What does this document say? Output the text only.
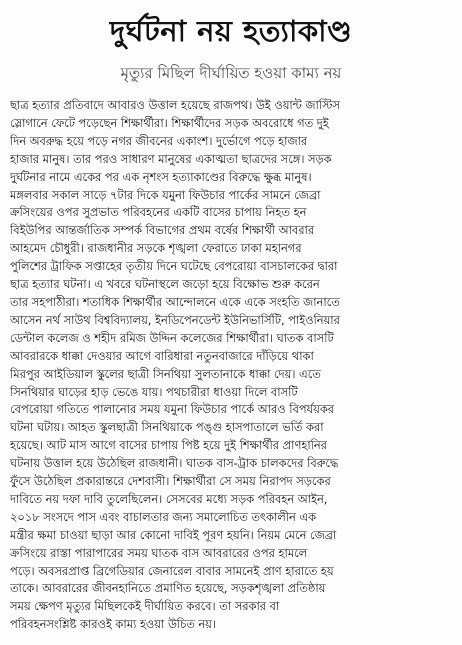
দুর্ঘটনা নয় হত্যাকাণ্ড
মৃত্যুর মিছিল দীর্ঘায়িত হওয়া কাম্য নয়
ছাত্র হত্যার প্রতিবাদে আবারও উত্তাল হয়েছে রাজপথ। উই ওয়ান্ট জাস্টিস
স্লোগানে ফেটে পড়েছেন শিক্ষার্থীরা। শিক্ষার্থীদের সড়ক অবরোধে গত দুই
দিন অবরুদ্ধ হয়ে পড়ে নগর জীবনের একাংশ। দুর্ভোগে পড়ে হাজার
হাজার মানুষ। তার পরও সাধারণ মানুষের একাত্মতা ছাত্রদের সঙ্গে। সড়ক
দুর্ঘটনার নামে একের পর এক নৃশংস হত্যাকাণ্ডের বিরুদ্ধে ক্ষুব্ধ মানুষ।
মঙ্গলবার সকাল সাড়ে ৭টার দিকে যমুনা ফিউচার পার্কের সামনে জেব্রা
ক্রসিংয়ের ওপর সুপ্রভাত পরিবহনের একটি বাসের চাপায় নিহত হন
বিইউপির আন্তর্জাতিক সম্পর্ক বিভাগের প্রথম বর্ষের শিক্ষার্থী আবরার
আহমেদ চৌধুরী। রাজধানীর সড়কে শৃঙ্খলা ফেরাতে ঢাকা মহানগর
পুলিশের ট্রাফিক সপ্তাহের তৃতীয় দিনে ঘটেছে বেপরোয়া বাসচালকের দ্বারা
ছাত্র হত্যার ঘটনা। এ খবরে ঘটনাস্থলে জড়ো হয়ে বিক্ষোভ শুরু করেন
তার সহপাঠীরা। শতাধিক শিক্ষার্থীর আন্দোলনে একে একে সংহতি জানাতে
আসেন নর্থ সাউথ বিশ্ববিদ্যালয়, ইনডিপেনডেন্ট ইউনিভার্সিটি, পাইওনিয়ার
ডেন্টাল কলেজ ও শহীদ রমিজ উদ্দিন কলেজের শিক্ষার্থীরা। ঘাতক বাসটি
আবরারকে ধাক্কা দেওয়ার আগে বারিধারা নতুনবাজারে দাঁড়িয়ে থাকা
মিরপুর আইডিয়াল স্কুলের ছাত্রী সিনথিয়া সুলতানাকে ধাক্কা দেয়। এতে
সিনথিয়ার ঘাড়ের হাড় ভেঙে যায়। পথচারীরা ধাওয়া দিলে বাসটি
বেপরোয়া গতিতে পালানোর সময় যমুনা ফিউচার পার্কে আরও বিপর্যয়কর
ঘটনা ঘটায়। আহত স্কুলছাত্রী সিনথিয়াকে পঙ্গু হাসপাতালে ভর্তি করা
হয়েছে। আট মাস আগে বাসের চাপায় পিষ্ট হয়ে দুই শিক্ষার্থীর প্রাণহানির
ঘটনায় উত্তাল হয়ে উঠেছিল রাজধানী। ঘাতক বাস-ট্রাক চালকদের বিরুদ্ধে
ফুঁসে উঠেছিল প্রকারান্তরে দেশবাসী। শিক্ষার্থীরা সে সময় নিরাপদ সড়কের
দাবিতে নয় দফা দাবি তুলেছিলেন। সেসবের মধ্যে সড়ক পরিবহন আইন,
২০১৮ সংসদে পাস এবং বাচালতার জন্য সমালোচিত তৎকালীন এক
মন্ত্রীর ক্ষমা চাওয়া ছাড়া আর কোনো দাবিই পূরণ হয়নি। নিয়ম মেনে জেব্রা
ক্রসিংয়ে রাস্তা পারাপারের সময় ঘাতক বাস আবরারের ওপর হামলে
পড়ে। অবসরপ্রাপ্ত ব্রিগেডিয়ার জেনারেল বাবার সামনেই প্রাণ হারাতে হয়
তাকে। আবরারের জীবনহানিতে প্রমাণিত হয়েছে, সড়কশৃঙ্খলা প্রতিষ্ঠায়
সময় ক্ষেপণ মৃত্যুর মিছিলকেই দীর্ঘায়িত করবে। তা সরকার বা
পরিবহনসংশ্লিষ্ট কারও‌ই কাম্য হওয়া উচিত নয়।
